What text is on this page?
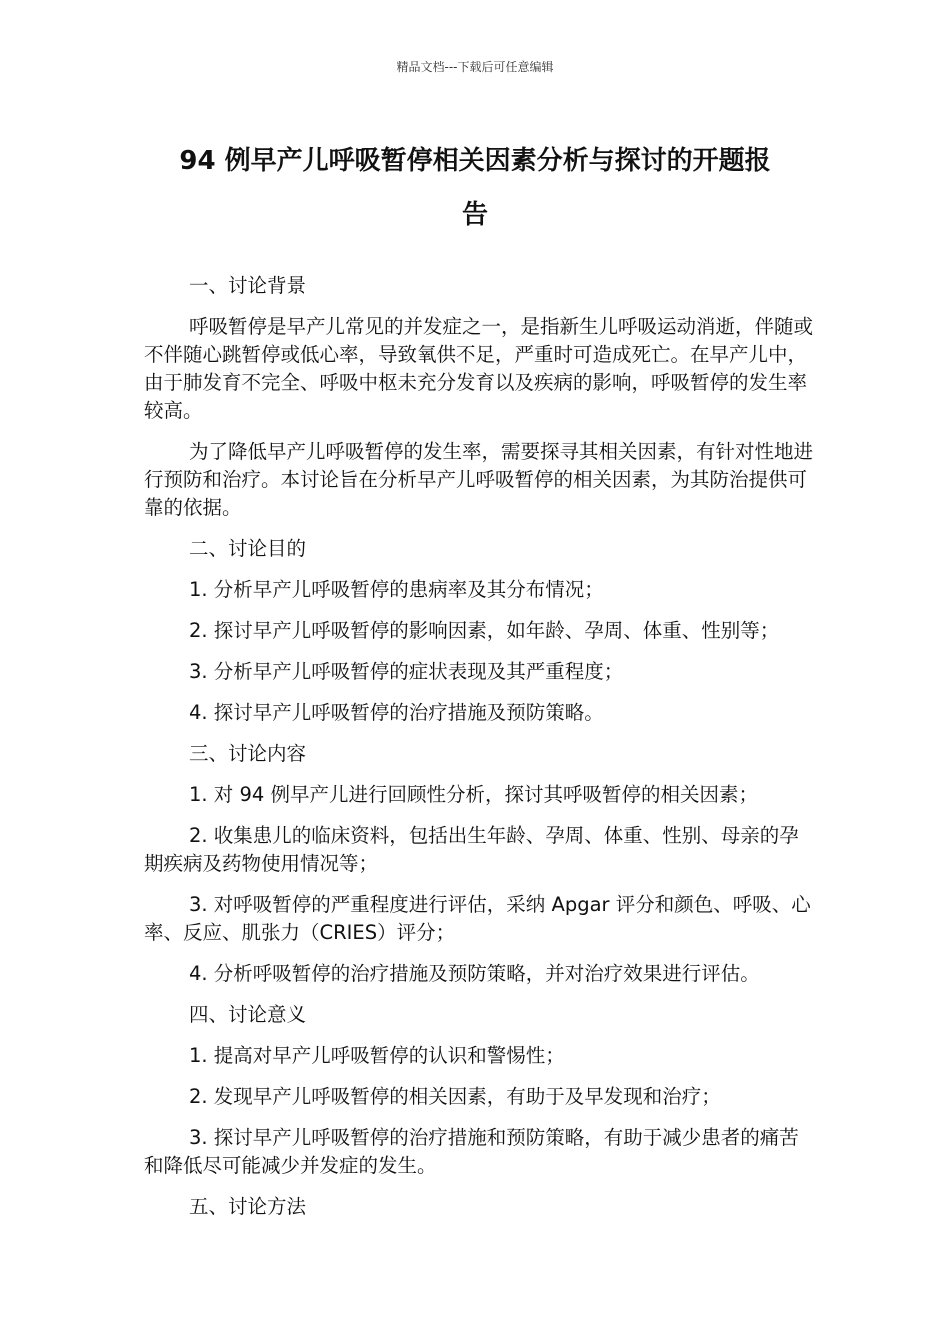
精品文档---下载后可任意编辑
94 例早产儿呼吸暂停相关因素分析与探讨的开题报
告

一、讨论背景

呼吸暂停是早产儿常见的并发症之一，是指新生儿呼吸运动消逝，伴随或不伴随心跳暂停或低心率，导致氧供不足，严重时可造成死亡。在早产儿中，由于肺发育不完全、呼吸中枢未充分发育以及疾病的影响，呼吸暂停的发生率较高。

为了降低早产儿呼吸暂停的发生率，需要探寻其相关因素，有针对性地进行预防和治疗。本讨论旨在分析早产儿呼吸暂停的相关因素，为其防治提供可靠的依据。

二、讨论目的

1. 分析早产儿呼吸暂停的患病率及其分布情况；

2. 探讨早产儿呼吸暂停的影响因素，如年龄、孕周、体重、性别等；

3. 分析早产儿呼吸暂停的症状表现及其严重程度；

4. 探讨早产儿呼吸暂停的治疗措施及预防策略。

三、讨论内容

1. 对 94 例早产儿进行回顾性分析，探讨其呼吸暂停的相关因素；

2. 收集患儿的临床资料，包括出生年龄、孕周、体重、性别、母亲的孕期疾病及药物使用情况等；

3. 对呼吸暂停的严重程度进行评估，采纳 Apgar 评分和颜色、呼吸、心率、反应、肌张力（CRIES）评分；

4. 分析呼吸暂停的治疗措施及预防策略，并对治疗效果进行评估。

四、讨论意义

1. 提高对早产儿呼吸暂停的认识和警惕性；

2. 发现早产儿呼吸暂停的相关因素，有助于及早发现和治疗；

3. 探讨早产儿呼吸暂停的治疗措施和预防策略，有助于减少患者的痛苦和降低尽可能减少并发症的发生。

五、讨论方法
